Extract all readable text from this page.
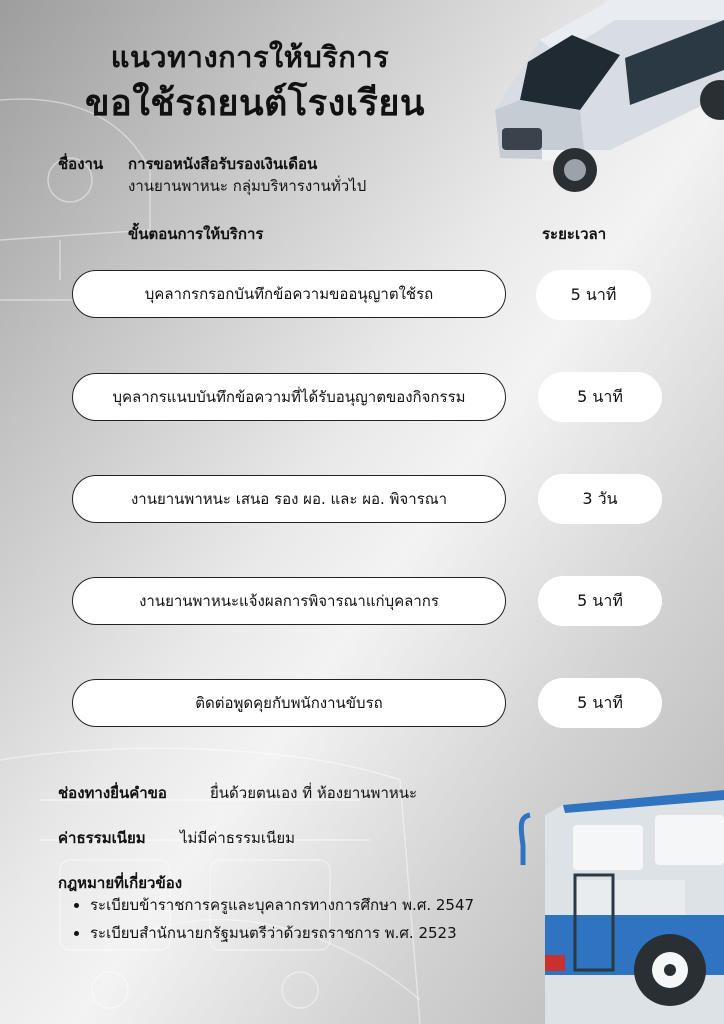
แนวทางการให้บริการ
ขอใช้รถยนต์โรงเรียน
ชื่องาน การขอหนังสือรับรองเงินเดือน
งานยานพาหนะ กลุ่มบริหารงานทั่วไป
ขั้นตอนการให้บริการ	ระยะเวลา
บุคลากรกรอกบันทึกข้อความขออนุญาตใช้รถ	5 นาที
บุคลากรแนบบันทึกข้อความที่ได้รับอนุญาตของกิจกรรม	5 นาที
งานยานพาหนะ เสนอ รอง ผอ. และ ผอ. พิจารณา	3 วัน
งานยานพาหนะแจ้งผลการพิจารณาแก่บุคลากร	5 นาที
ติดต่อพูดคุยกับพนักงานขับรถ	5 นาที
ช่องทางยื่นคำขอ	ยื่นด้วยตนเอง ที่ ห้องยานพาหนะ
ค่าธรรมเนียม ไม่มีค่าธรรมเนียม
กฎหมายที่เกี่ยวข้อง
• ระเบียบข้าราชการครูและบุคลากรทางการศึกษา พ.ศ. 2547
• ระเบียบสำนักนายกรัฐมนตรีว่าด้วยรถราชการ พ.ศ. 2523
